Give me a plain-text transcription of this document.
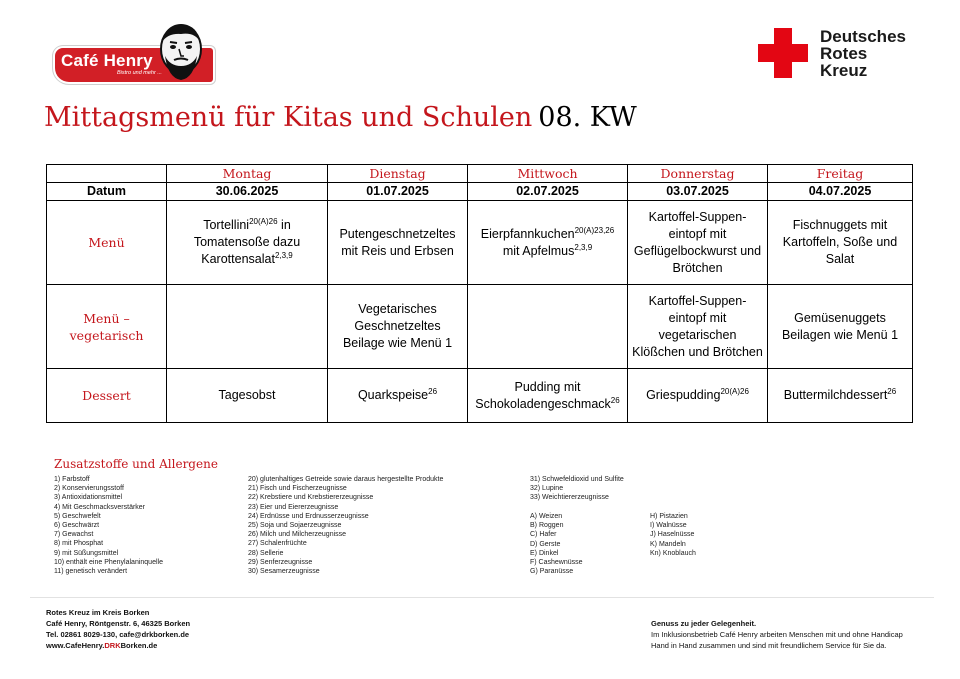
Café Henry
Bistro und mehr ...
Deutsches
Rotes
Kreuz
Mittagsmenü für Kitas und Schulen 08. KW
	Montag	Dienstag	Mittwoch	Donnerstag	Freitag
Datum	30.06.2025	01.07.2025	02.07.2025	03.07.2025	04.07.2025
Menü	Tortellini$^{20(A)26}$ in Tomatensoße dazu Karottensalat$^{2,3,9}$	Putengeschnetzeltes mit Reis und Erbsen	Eierpfannkuchen$^{20(A)23,26}$ mit Apfelmus$^{2,3,9}$	Kartoffel-Suppen-eintopf mit Geflügelbockwurst und Brötchen	Fischnuggets mit Kartoffeln, Soße und Salat

Menü –
vegetarisch		Vegetarisches Geschnetzeltes Beilage wie Menü 1		Kartoffel-Suppen-eintopf mit vegetarischen Klößchen und Brötchen	Gemüsenuggets Beilagen wie Menü 1

Dessert	Tagesobst	Quarkspeise$^{26}$	Pudding mit Schokoladengeschmack$^{26}$	Griespudding$^{20(A)26}$	Buttermilchdessert$^{26}$
Zusatzstoffe und Allergene
1) Farbstoff
2) Konservierungsstoff
3) Antioxidationsmittel
4) Mit Geschmacksverstärker
5) Geschwefelt
6) Geschwärzt
7) Gewachst
8) mit Phosphat
9) mit Süßungsmittel
10) enthält eine Phenylalaninquelle
11) genetisch verändert
20) glutenhaltiges Getreide sowie daraus hergestellte Produkte
21) Fisch und Fischerzeugnisse
22) Krebstiere und Krebstiererzeugnisse
23) Eier und Eiererzeugnisse
24) Erdnüsse und Erdnusserzeugnisse
25) Soja und Sojaerzeugnisse
26) Milch und Milcherzeugnisse
27) Schalenfrüchte
28) Sellerie
29) Senferzeugnisse
30) Sesamerzeugnisse
31) Schwefeldioxid und Sulfite
32) Lupine
33) Weichtiererzeugnisse
A) Weizen
B) Roggen
C) Hafer
D) Gerste
E) Dinkel
F) Cashewnüsse
G) Paranüsse
H) Pistazien
I) Walnüsse
J) Haselnüsse
K) Mandeln
Kn) Knoblauch
Rotes Kreuz im Kreis Borken
Café Henry, Röntgenstr. 6, 46325 Borken
Tel. 02861 8029-130, cafe@drkborken.de
www.CafeHenry.DRKBorken.de
Genuss zu jeder Gelegenheit.
Im Inklusionsbetrieb Café Henry arbeiten Menschen mit und ohne Handicap
Hand in Hand zusammen und sind mit freundlichem Service für Sie da.
